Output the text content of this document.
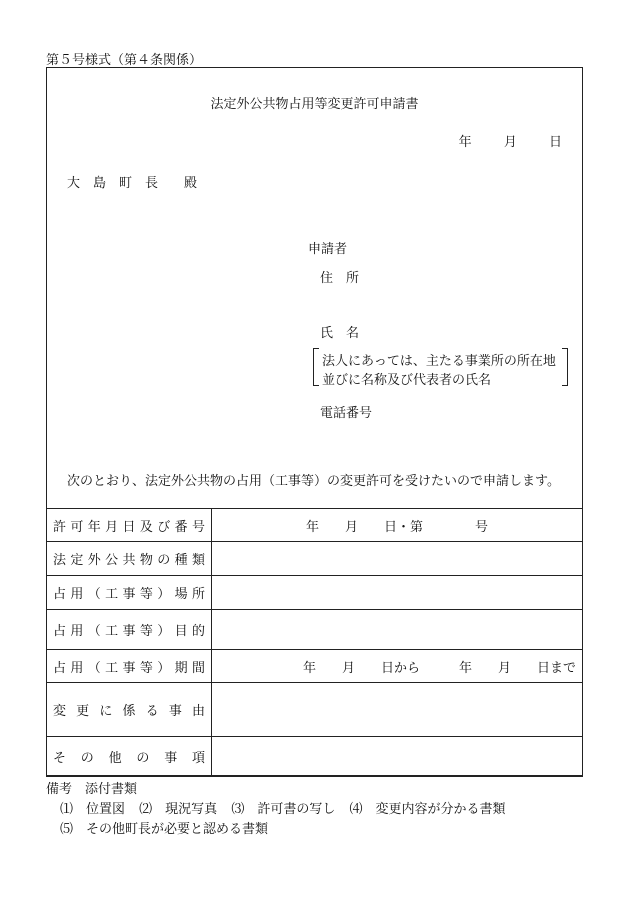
第５号様式（第４条関係）
法定外公共物占用等変更許可申請書
年 月 日
大　島　町　長　　殿
申請者
住　所
氏　名
法人にあっては、主たる事業所の所在地
並びに名称及び代表者の氏名
電話番号
次のとおり、法定外公共物の占用（工事等）の変更許可を受けたいので申請します。
許可年月日及び番号	年　　月　　日・第　　　　号
法定外公共物の種類	
占用（工事等）場所	
占用（工事等）目的	
占用（工事等）期間	年　　月　　日から　　　年　　月　　日まで
変更に係る事由	
その他の事項	
備考　添付書類
⑴　位置図 ⑵　現況写真 ⑶　許可書の写し ⑷　変更内容が分かる書類
⑸　その他町長が必要と認める書類
